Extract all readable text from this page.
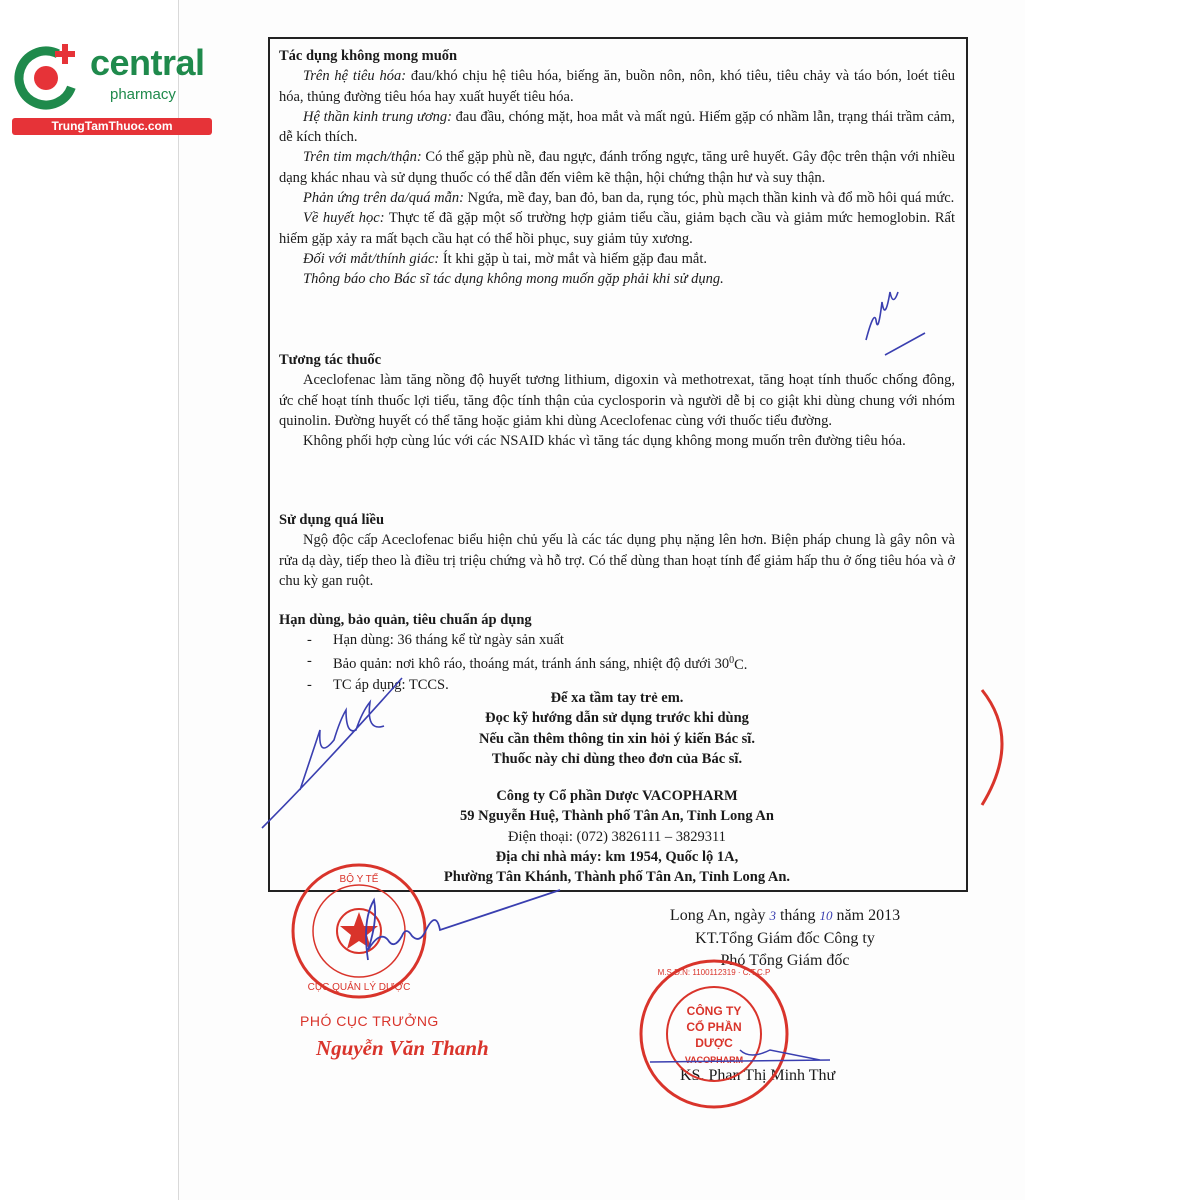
central
pharmacy
TrungTamThuoc.com
Tác dụng không mong muốn
Trên hệ tiêu hóa: đau/khó chịu hệ tiêu hóa, biếng ăn, buồn nôn, nôn, khó tiêu, tiêu chảy và táo bón, loét tiêu hóa, thủng đường tiêu hóa hay xuất huyết tiêu hóa.
Hệ thần kinh trung ương: đau đầu, chóng mặt, hoa mắt và mất ngủ. Hiếm gặp có nhầm lẫn, trạng thái trầm cảm, dễ kích thích.
Trên tim mạch/thận: Có thể gặp phù nề, đau ngực, đánh trống ngực, tăng urê huyết. Gây độc trên thận với nhiều dạng khác nhau và sử dụng thuốc có thể dẫn đến viêm kẽ thận, hội chứng thận hư và suy thận.
Phản ứng trên da/quá mẫn: Ngứa, mề đay, ban đỏ, ban da, rụng tóc, phù mạch thần kinh và đổ mồ hôi quá mức.
Về huyết học: Thực tế đã gặp một số trường hợp giảm tiểu cầu, giảm bạch cầu và giảm mức hemoglobin. Rất hiếm gặp xảy ra mất bạch cầu hạt có thể hồi phục, suy giảm tủy xương.
Đối với mắt/thính giác: Ít khi gặp ù tai, mờ mắt và hiếm gặp đau mắt.
Thông báo cho Bác sĩ tác dụng không mong muốn gặp phải khi sử dụng.
Tương tác thuốc
Aceclofenac làm tăng nồng độ huyết tương lithium, digoxin và methotrexat, tăng hoạt tính thuốc chống đông, ức chế hoạt tính thuốc lợi tiểu, tăng độc tính thận của cyclosporin và người dễ bị co giật khi dùng chung với nhóm quinolin. Đường huyết có thể tăng hoặc giảm khi dùng Aceclofenac cùng với thuốc tiểu đường.
Không phối hợp cùng lúc với các NSAID khác vì tăng tác dụng không mong muốn trên đường tiêu hóa.
Sử dụng quá liều
Ngộ độc cấp Aceclofenac biểu hiện chủ yếu là các tác dụng phụ nặng lên hơn. Biện pháp chung là gây nôn và rửa dạ dày, tiếp theo là điều trị triệu chứng và hỗ trợ. Có thể dùng than hoạt tính để giảm hấp thu ở ống tiêu hóa và ở chu kỳ gan ruột.
Hạn dùng, bảo quản, tiêu chuẩn áp dụng
- Hạn dùng: 36 tháng kể từ ngày sản xuất
- Bảo quản: nơi khô ráo, thoáng mát, tránh ánh sáng, nhiệt độ dưới $30^0C$.
- TC áp dụng: TCCS.
Để xa tầm tay trẻ em.
Đọc kỹ hướng dẫn sử dụng trước khi dùng
Nếu cần thêm thông tin xin hỏi ý kiến Bác sĩ.
Thuốc này chỉ dùng theo đơn của Bác sĩ.
Công ty Cổ phần Dược VACOPHARM
59 Nguyễn Huệ, Thành phố Tân An, Tỉnh Long An
Điện thoại: (072) 3826111 – 3829311
Địa chỉ nhà máy: km 1954, Quốc lộ 1A,
Phường Tân Khánh, Thành phố Tân An, Tỉnh Long An.
Long An, ngày 3 tháng 10 năm 2013
KT.Tổng Giám đốc Công ty
Phó Tổng Giám đốc
KS. Phan Thị Minh Thư
PHÓ CỤC TRƯỞNG
Nguyễn Văn Thanh
BỘ Y TẾ
CỤC QUẢN LÝ DƯỢC
CÔNG TY
CỔ PHẦN
DƯỢC
VACOPHARM
M.S.D.N: 1100112319 · C.T.C.P
